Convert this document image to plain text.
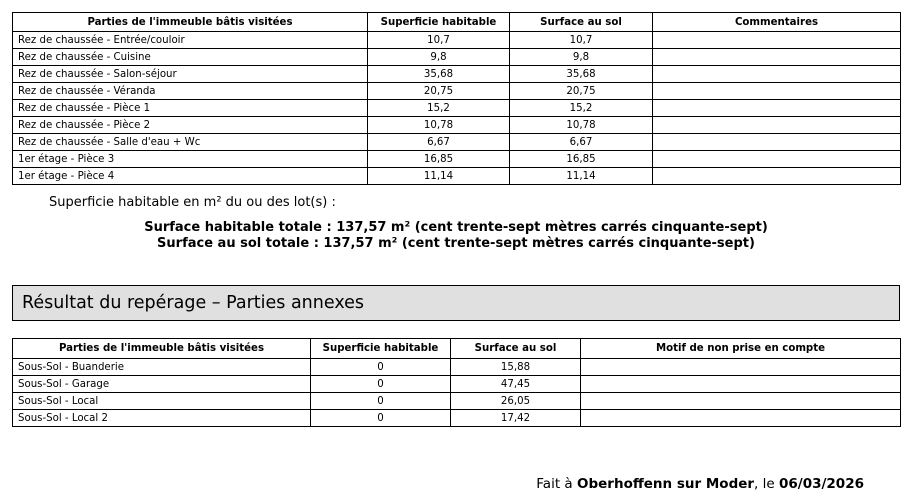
Parties de l'immeuble bâtis visitées	Superficie habitable	Surface au sol	Commentaires
Rez de chaussée - Entrée/couloir	10,7	10,7	
Rez de chaussée - Cuisine	9,8	9,8	
Rez de chaussée - Salon-séjour	35,68	35,68	
Rez de chaussée - Véranda	20,75	20,75	
Rez de chaussée - Pièce 1	15,2	15,2	
Rez de chaussée - Pièce 2	10,78	10,78	
Rez de chaussée - Salle d'eau + Wc	6,67	6,67	
1er étage - Pièce 3	16,85	16,85	
1er étage - Pièce 4	11,14	11,14	
Superficie habitable en m² du ou des lot(s) :
Surface habitable totale : 137,57 m² (cent trente-sept mètres carrés cinquante-sept)
Surface au sol totale : 137,57 m² (cent trente-sept mètres carrés cinquante-sept)
Résultat du repérage – Parties annexes
Parties de l'immeuble bâtis visitées	Superficie habitable	Surface au sol	Motif de non prise en compte
Sous-Sol - Buanderie	0	15,88	
Sous-Sol - Garage	0	47,45	
Sous-Sol - Local	0	26,05	
Sous-Sol - Local 2	0	17,42	
Fait à Oberhoffenn sur Moder, le 06/03/2026
